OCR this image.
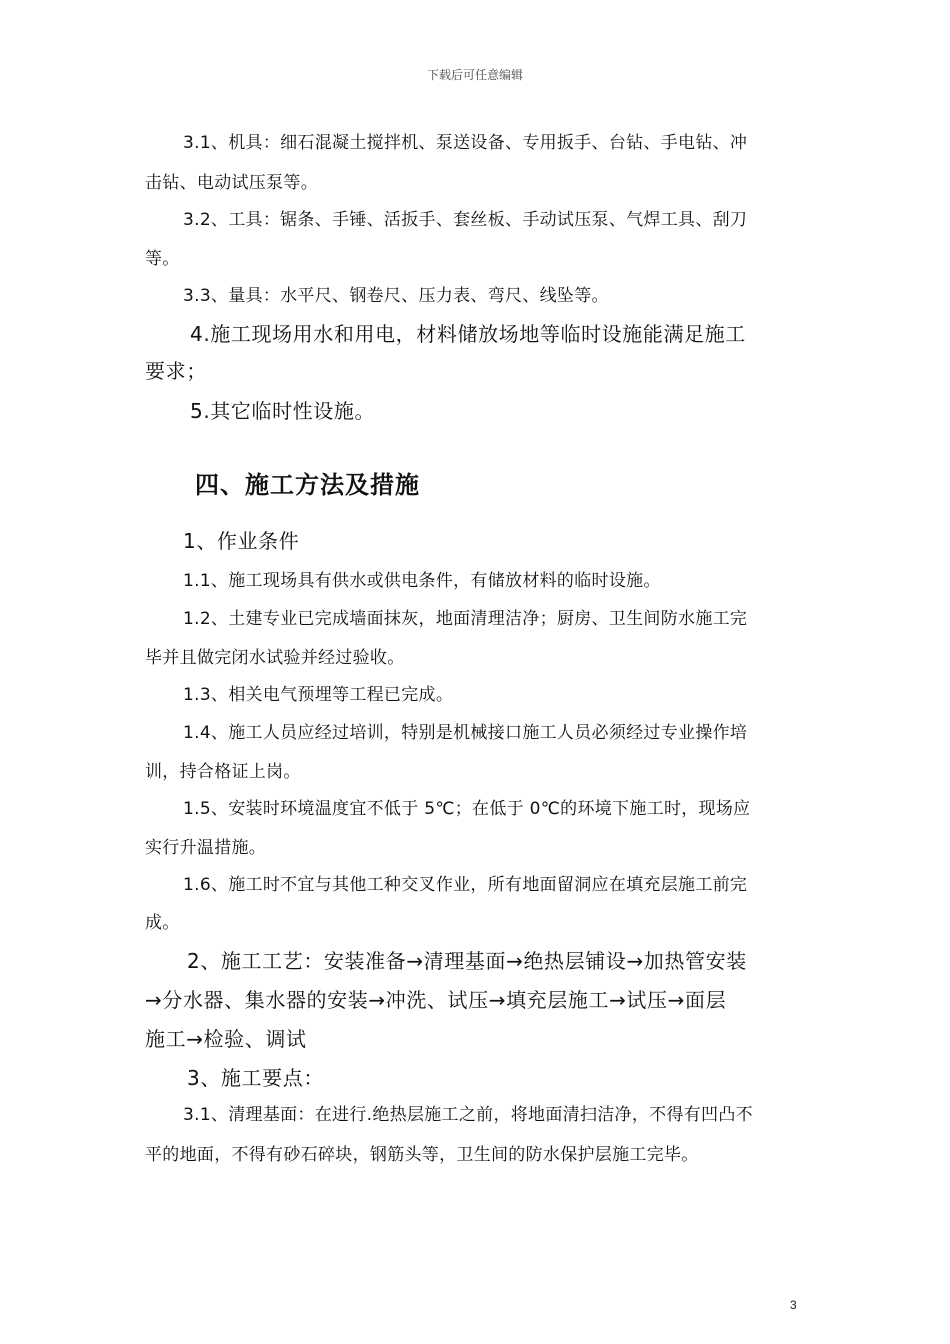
下载后可任意编辑
3.1、机具：细石混凝土搅拌机、泵送设备、专用扳手、台钻、手电钻、冲
击钻、电动试压泵等。
3.2、工具：锯条、手锤、活扳手、套丝板、手动试压泵、气焊工具、刮刀
等。
3.3、量具：水平尺、钢卷尺、压力表、弯尺、线坠等。
4.施工现场用水和用电，材料储放场地等临时设施能满足施工
要求；
5.其它临时性设施。
四、施工方法及措施
1、作业条件
1.1、施工现场具有供水或供电条件，有储放材料的临时设施。
1.2、土建专业已完成墙面抹灰，地面清理洁净；厨房、卫生间防水施工完
毕并且做完闭水试验并经过验收。
1.3、相关电气预埋等工程已完成。
1.4、施工人员应经过培训，特别是机械接口施工人员必须经过专业操作培
训，持合格证上岗。
1.5、安装时环境温度宜不低于 5℃；在低于 0℃的环境下施工时，现场应
实行升温措施。
1.6、施工时不宜与其他工种交叉作业，所有地面留洞应在填充层施工前完
成。
2、施工工艺：安装准备→清理基面→绝热层铺设→加热管安装
→分水器、集水器的安装→冲洗、试压→填充层施工→试压→面层
施工→检验、调试
3、施工要点：
3.1、清理基面：在进行.绝热层施工之前，将地面清扫洁净，不得有凹凸不
平的地面，不得有砂石碎块，钢筋头等，卫生间的防水保护层施工完毕。
3
